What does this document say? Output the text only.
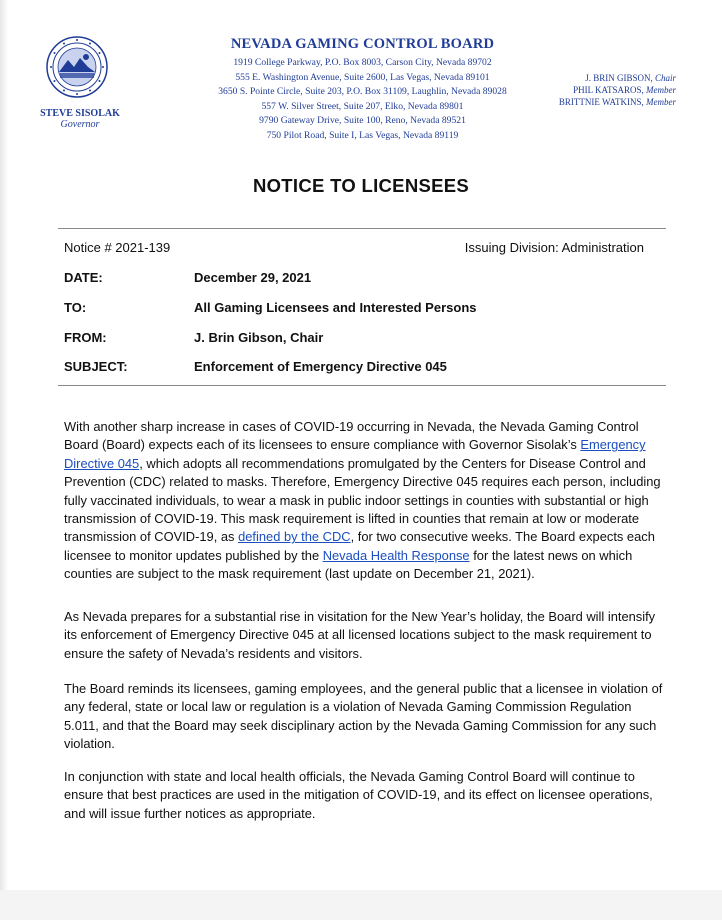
STEVE SISOLAK
Governor
NEVADA GAMING CONTROL BOARD
1919 College Parkway, P.O. Box 8003, Carson City, Nevada 89702
555 E. Washington Avenue, Suite 2600, Las Vegas, Nevada 89101
3650 S. Pointe Circle, Suite 203, P.O. Box 31109, Laughlin, Nevada 89028
557 W. Silver Street, Suite 207, Elko, Nevada 89801
9790 Gateway Drive, Suite 100, Reno, Nevada 89521
750 Pilot Road, Suite I, Las Vegas, Nevada 89119
J. BRIN GIBSON, Chair
PHIL KATSAROS, Member
BRITTNIE WATKINS, Member
NOTICE TO LICENSEES
Notice # 2021-139	Issuing Division: Administration
DATE:	December 29, 2021
TO:	All Gaming Licensees and Interested Persons
FROM:	J. Brin Gibson, Chair
SUBJECT:	Enforcement of Emergency Directive 045

With another sharp increase in cases of COVID-19 occurring in Nevada, the Nevada Gaming Control Board (Board) expects each of its licensees to ensure compliance with Governor Sisolak’s Emergency Directive 045, which adopts all recommendations promulgated by the Centers for Disease Control and Prevention (CDC) related to masks. Therefore, Emergency Directive 045 requires each person, including fully vaccinated individuals, to wear a mask in public indoor settings in counties with substantial or high transmission of COVID-19. This mask requirement is lifted in counties that remain at low or moderate transmission of COVID-19, as defined by the CDC, for two consecutive weeks. The Board expects each licensee to monitor updates published by the Nevada Health Response for the latest news on which counties are subject to the mask requirement (last update on December 21, 2021).

As Nevada prepares for a substantial rise in visitation for the New Year’s holiday, the Board will intensify its enforcement of Emergency Directive 045 at all licensed locations subject to the mask requirement to ensure the safety of Nevada’s residents and visitors.

The Board reminds its licensees, gaming employees, and the general public that a licensee in violation of any federal, state or local law or regulation is a violation of Nevada Gaming Commission Regulation 5.011, and that the Board may seek disciplinary action by the Nevada Gaming Commission for any such violation.

In conjunction with state and local health officials, the Nevada Gaming Control Board will continue to ensure that best practices are used in the mitigation of COVID-19, and its effect on licensee operations, and will issue further notices as appropriate.
